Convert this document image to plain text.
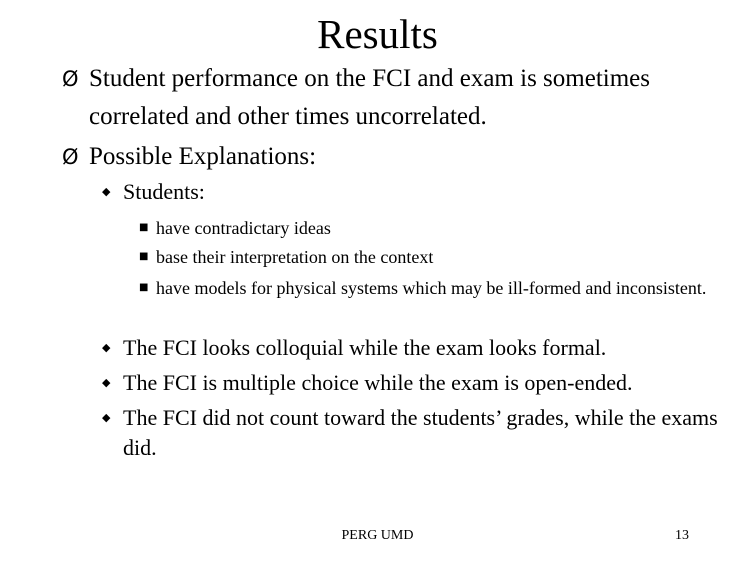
Results
Ø Student performance on the FCI and exam is sometimes correlated and other times uncorrelated.
Ø Possible Explanations:
◆ Students:
■ have contradictary ideas
■ base their interpretation on the context
■ have models for physical systems which may be ill-formed and inconsistent.
◆ The FCI looks colloquial while the exam looks formal.
◆ The FCI is multiple choice while the exam is open-ended.
◆ The FCI did not count toward the students’ grades, while the exams did.
PERG UMD	13
